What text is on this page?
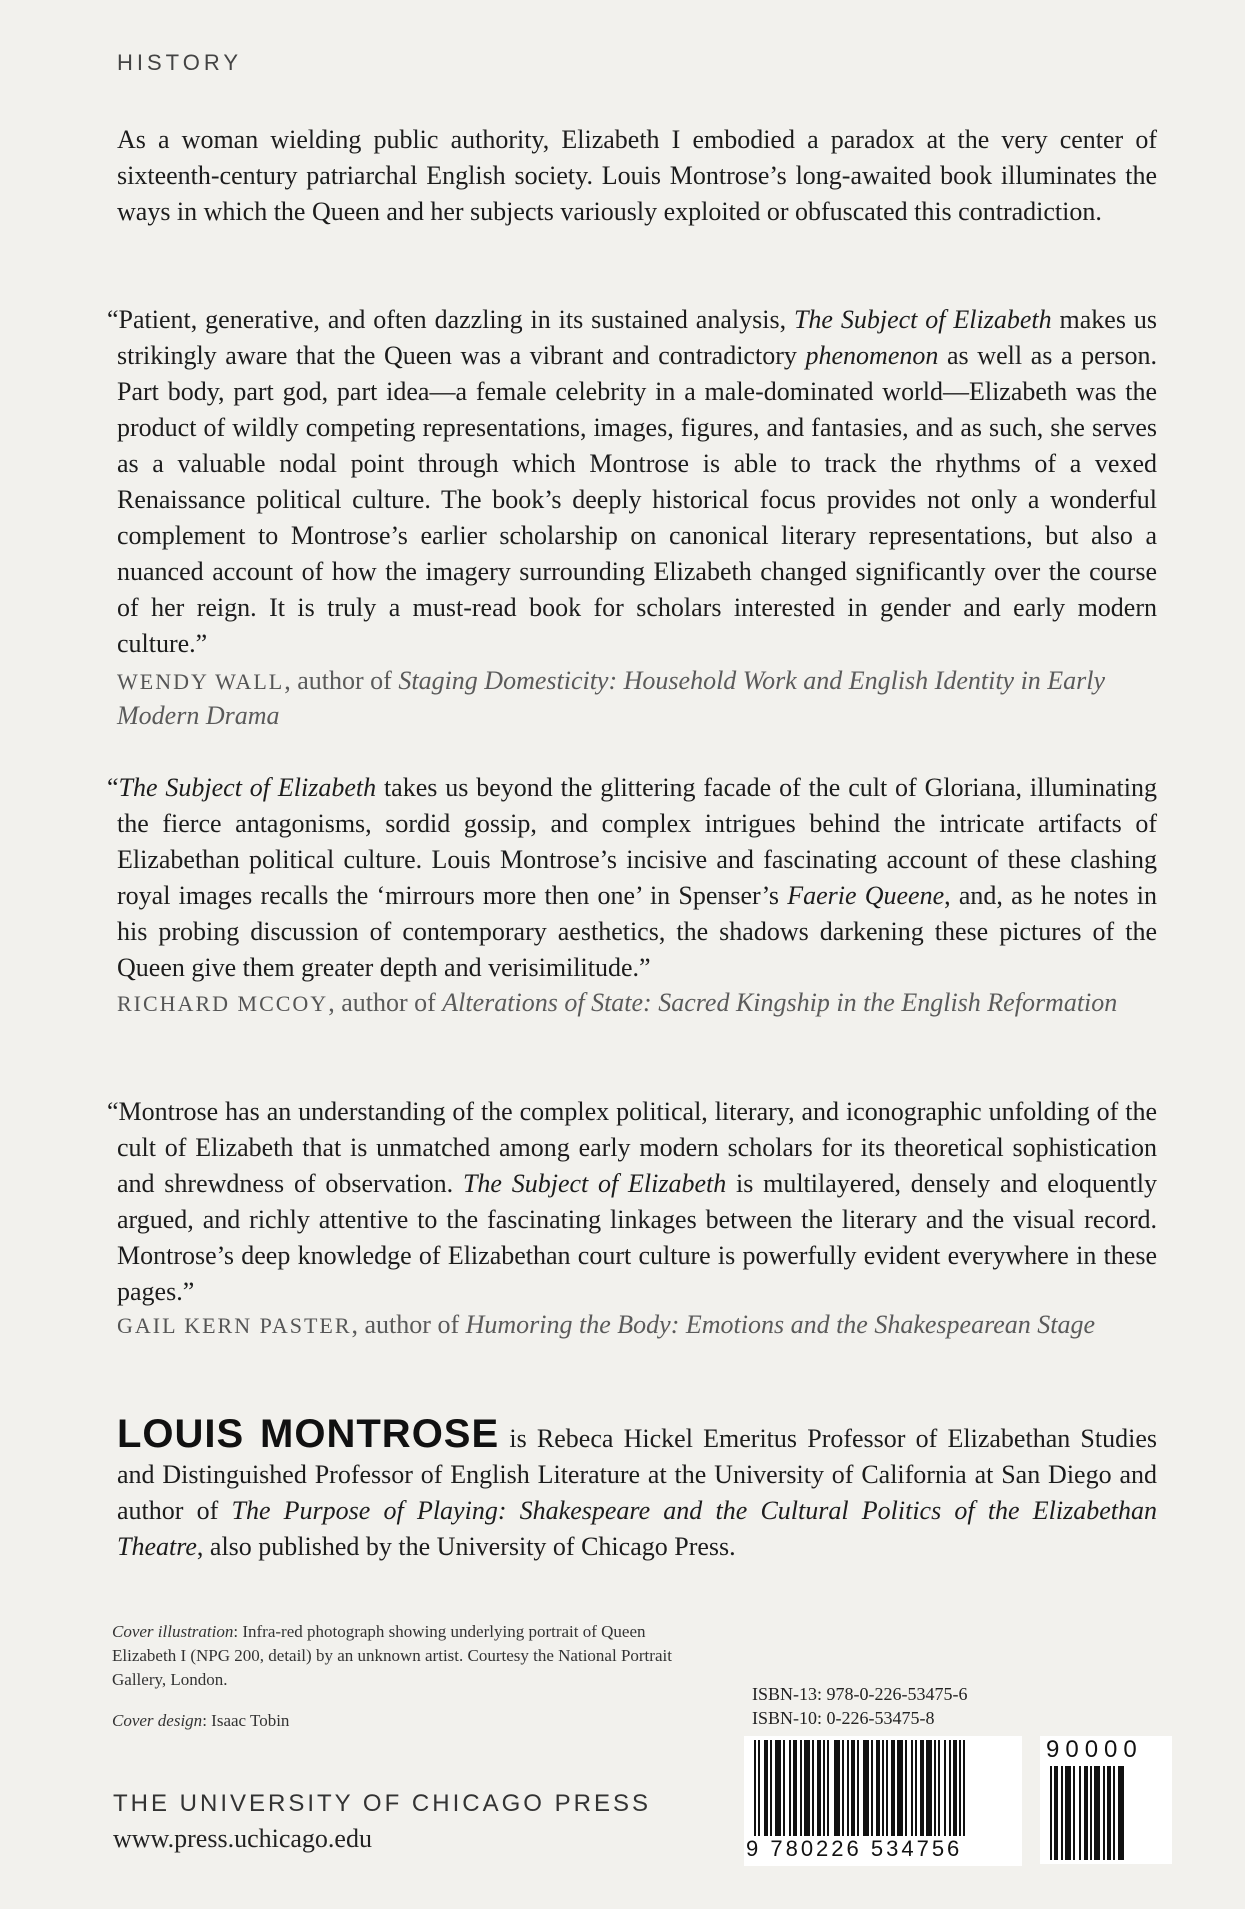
HISTORY

As a woman wielding public authority, Elizabeth I embodied a paradox at the very center of sixteenth-century patriarchal English society. Louis Montrose’s long-awaited book illuminates the ways in which the Queen and her subjects variously exploited or obfuscated this contradiction.

“Patient, generative, and often dazzling in its sustained analysis, The Subject of Elizabeth makes us strikingly aware that the Queen was a vibrant and contradictory phenomenon as well as a person. Part body, part god, part idea—a female celebrity in a male-dominated world—Elizabeth was the product of wildly competing representations, images, figures, and fantasies, and as such, she serves as a valuable nodal point through which Montrose is able to track the rhythms of a vexed Renaissance political culture. The book’s deeply historical focus provides not only a wonderful complement to Montrose’s earlier scholarship on canonical literary representations, but also a nuanced account of how the imagery surrounding Elizabeth changed significantly over the course of her reign. It is truly a must-read book for scholars interested in gender and early modern culture.”

WENDY WALL, author of Staging Domesticity: Household Work and English Identity in Early Modern Drama

“The Subject of Elizabeth takes us beyond the glittering facade of the cult of Gloriana, illuminating the fierce antagonisms, sordid gossip, and complex intrigues behind the intricate artifacts of Elizabethan political culture. Louis Montrose’s incisive and fascinating account of these clashing royal images recalls the ‘mirrours more then one’ in Spenser’s Faerie Queene, and, as he notes in his probing discussion of contemporary aesthetics, the shadows darkening these pictures of the Queen give them greater depth and verisimilitude.”

RICHARD MCCOY, author of Alterations of State: Sacred Kingship in the English Reformation

“Montrose has an understanding of the complex political, literary, and iconographic unfolding of the cult of Elizabeth that is unmatched among early modern scholars for its theoretical sophistication and shrewdness of observation. The Subject of Elizabeth is multilayered, densely and eloquently argued, and richly attentive to the fascinating linkages between the literary and the visual record. Montrose’s deep knowledge of Elizabethan court culture is powerfully evident everywhere in these pages.”

GAIL KERN PASTER, author of Humoring the Body: Emotions and the Shakespearean Stage

LOUIS MONTROSE is Rebeca Hickel Emeritus Professor of Elizabethan Studies and Distinguished Professor of English Literature at the University of California at San Diego and author of The Purpose of Playing: Shakespeare and the Cultural Politics of the Elizabethan Theatre, also published by the University of Chicago Press.

Cover illustration: Infra-red photograph showing underlying portrait of Queen Elizabeth I (NPG 200, detail) by an unknown artist. Courtesy the National Portrait Gallery, London.

Cover design: Isaac Tobin

ISBN-13: 978-0-226-53475-6
ISBN-10: 0-226-53475-8
9 780226 534756
90000
THE UNIVERSITY OF CHICAGO PRESS
www.press.uchicago.edu
